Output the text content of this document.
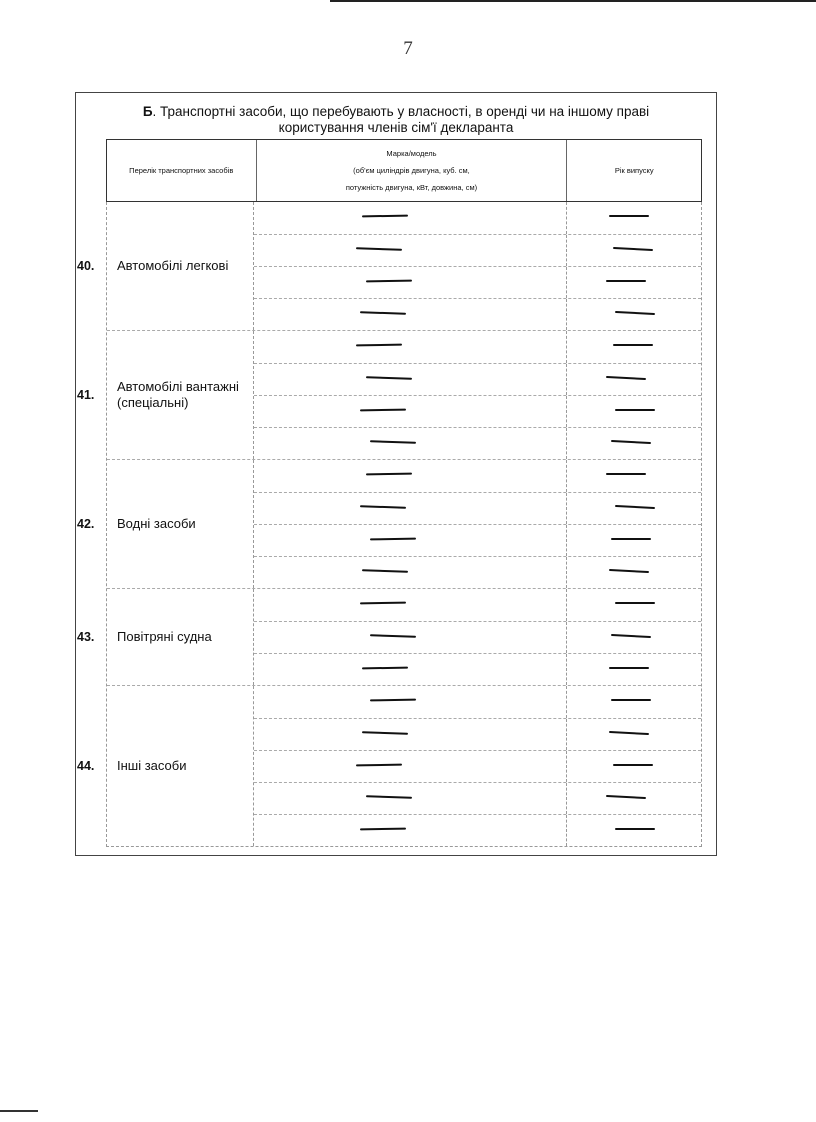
7
Б. Транспортні засоби, що перебувають у власності, в оренді чи на іншому праві
користування членів сім'ї декларанта
Перелік транспортних засобів
Марка/модель
(об'єм циліндрів двигуна, куб. см,
потужність двигуна, кВт, довжина, см)
Рік випуску
40. Автомобілі легкові
41.
Автомобілі вантажні (спеціальні)
42. Водні засоби
43. Повітряні судна
44. Інші засоби
